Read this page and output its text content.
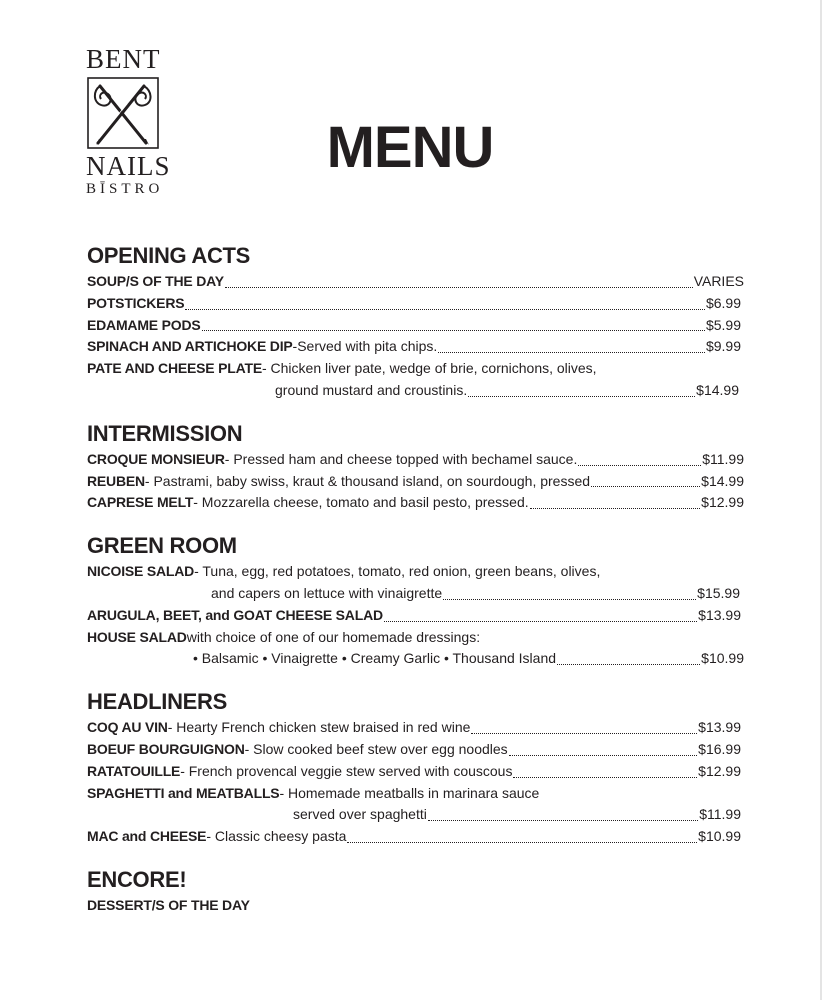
BENT
NAILS
BĪSTRO
MENU
OPENING ACTS
SOUP/S OF THE DAY	VARIES
POTSTICKERS	$6.99
EDAMAME PODS	$5.99
SPINACH AND ARTICHOKE DIP -Served with pita chips.	$9.99
PATE AND CHEESE PLATE - Chicken liver pate, wedge of brie, cornichons, olives,
ground mustard and croustinis.	$14.99
INTERMISSION
CROQUE MONSIEUR - Pressed ham and cheese topped with bechamel sauce.	$11.99
REUBEN - Pastrami, baby swiss, kraut & thousand island, on sourdough, pressed	$14.99
CAPRESE MELT - Mozzarella cheese, tomato and basil pesto, pressed.	$12.99
GREEN ROOM
NICOISE SALAD - Tuna, egg, red potatoes, tomato, red onion, green beans, olives,
and capers on lettuce with vinaigrette	$15.99
ARUGULA, BEET, and GOAT CHEESE SALAD	$13.99
HOUSE SALAD with choice of one of our homemade dressings:
• Balsamic • Vinaigrette • Creamy Garlic • Thousand Island	$10.99
HEADLINERS
COQ AU VIN - Hearty French chicken stew braised in red wine	$13.99
BOEUF BOURGUIGNON - Slow cooked beef stew over egg noodles	$16.99
RATATOUILLE - French provencal veggie stew served with couscous	$12.99
SPAGHETTI and MEATBALLS - Homemade meatballs in marinara sauce
served over spaghetti	$11.99
MAC and CHEESE - Classic cheesy pasta	$10.99
ENCORE!
DESSERT/S OF THE DAY
